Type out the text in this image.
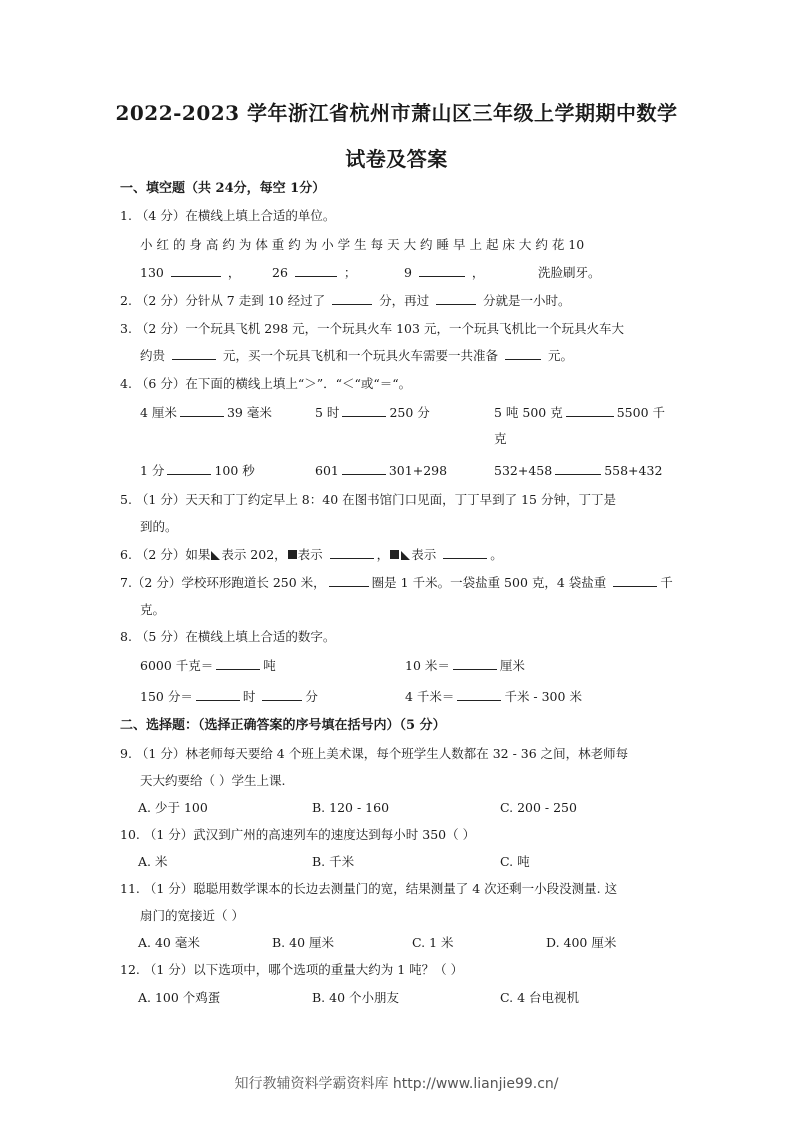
2022-2023 学年浙江省杭州市萧山区三年级上学期期中数学
试卷及答案
一、填空题（共 24分，每空 1分）
1. （4 分）在横线上填上合适的单位。
小 红 的 身 高 约 为 体 重 约 为 小 学 生 每 天 大 约 睡 早 上 起 床 大 约 花 10
130	，	26	；	9	，	洗脸刷牙。
2. （2 分）分针从 7 走到 10 经过了	分，再过	分就是一小时。
3. （2 分）一个玩具飞机 298 元，一个玩具火车 103 元，一个玩具飞机比一个玩具火车大
约贵	元，买一个玩具飞机和一个玩具火车需要一共准备	元。
4. （6 分）在下面的横线上填上“＞”．“＜“或“＝“。
4 厘米	39 毫米	5 时	250 分	5 吨 500 克	5500 千
克
1 分	100 秒	601	301+298	532+458	558+432
5. （1 分）天天和丁丁约定早上 8：40 在图书馆门口见面，丁丁早到了 15 分钟，丁丁是
到的。
6. （2 分）如果 表示 202， 表示	， 表示	。
7.（2 分）学校环形跑道长 250 米，	圈是 1 千米。一袋盐重 500 克，4 袋盐重	千
克。
8. （5 分）在横线上填上合适的数字。
6000 千克＝	吨	10 米＝	厘米
150 分＝	时	分	4 千米＝	千米 - 300 米
二、选择题：（选择正确答案的序号填在括号内）（5 分）
9. （1 分）林老师每天要给 4 个班上美术课，每个班学生人数都在 32 - 36 之间，林老师每
天大约要给（ ）学生上课.
A. 少于 100	B. 120 - 160	C. 200 - 250
10. （1 分）武汉到广州的高速列车的速度达到每小时 350（ ）
A. 米	B. 千米	C. 吨
11. （1 分）聪聪用数学课本的长边去测量门的宽，结果测量了 4 次还剩一小段没测量. 这
扇门的宽接近（ ）
A. 40 毫米	B. 40 厘米	C. 1 米	D. 400 厘米
12. （1 分）以下选项中，哪个选项的重量大约为 1 吨？（ ）
A. 100 个鸡蛋	B. 40 个小朋友	C. 4 台电视机
知行教辅资料学霸资料库 http://www.lianjie99.cn/
